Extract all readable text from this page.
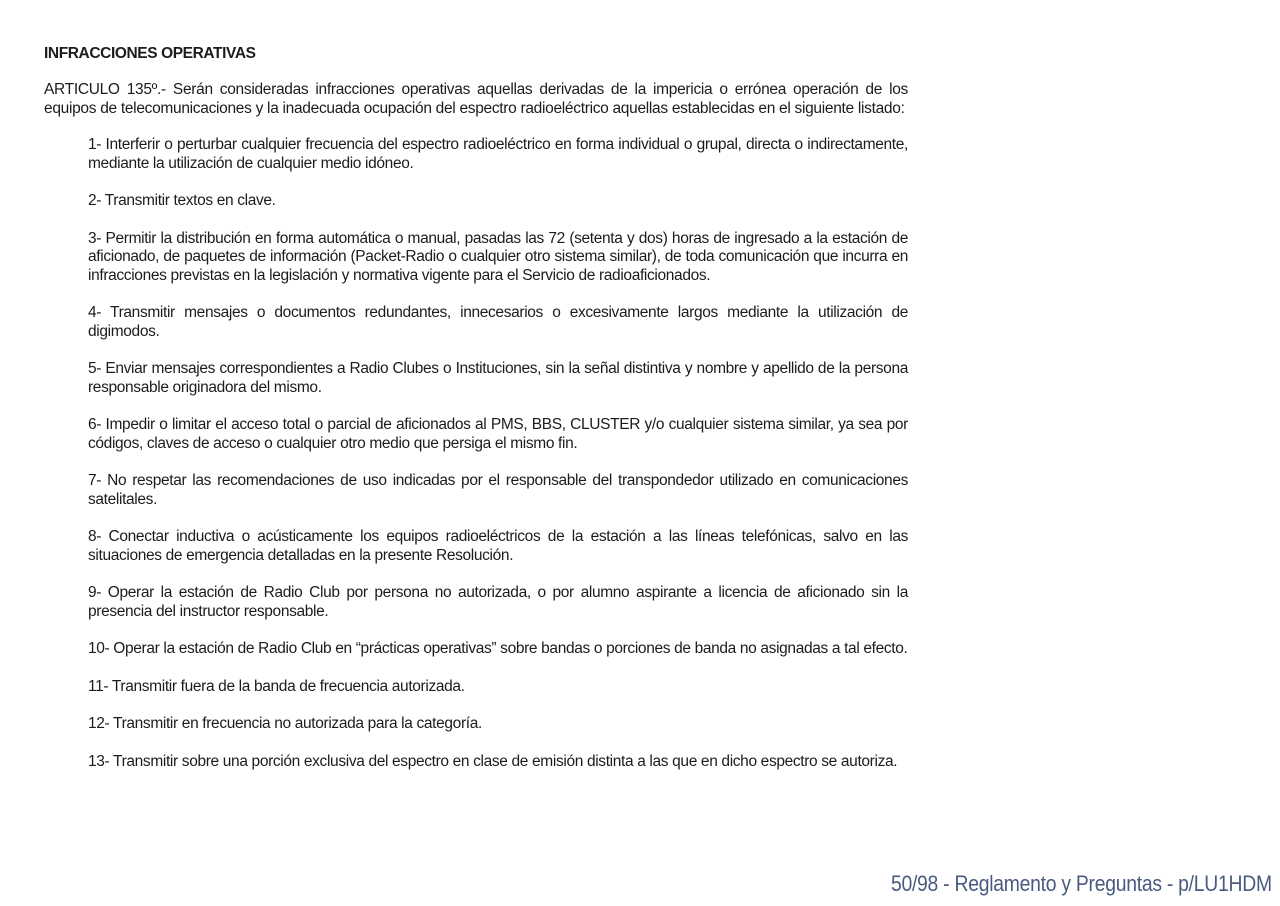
INFRACCIONES OPERATIVAS

ARTICULO 135º.- Serán consideradas infracciones operativas aquellas derivadas de la impericia o errónea operación de los equipos de telecomunicaciones y la inadecuada ocupación del espectro radioeléctrico aquellas establecidas en el siguiente listado:

1- Interferir o perturbar cualquier frecuencia del espectro radioeléctrico en forma individual o grupal, directa o indirectamente, mediante la utilización de cualquier medio idóneo.
2- Transmitir textos en clave.
3- Permitir la distribución en forma automática o manual, pasadas las 72 (setenta y dos) horas de ingresado a la estación de aficionado, de paquetes de información (Packet-Radio o cualquier otro sistema similar), de toda comunicación que incurra en infracciones previstas en la legislación y normativa vigente para el Servicio de radioaficionados.
4- Transmitir mensajes o documentos redundantes, innecesarios o excesivamente largos mediante la utilización de digimodos.
5- Enviar mensajes correspondientes a Radio Clubes o Instituciones, sin la señal distintiva y nombre y apellido de la persona responsable originadora del mismo.
6- Impedir o limitar el acceso total o parcial de aficionados al PMS, BBS, CLUSTER y/o cualquier sistema similar, ya sea por códigos, claves de acceso o cualquier otro medio que persiga el mismo fin.
7- No respetar las recomendaciones de uso indicadas por el responsable del transpondedor utilizado en comunicaciones satelitales.
8- Conectar inductiva o acústicamente los equipos radioeléctricos de la estación a las líneas telefónicas, salvo en las situaciones de emergencia detalladas en la presente Resolución.
9- Operar la estación de Radio Club por persona no autorizada, o por alumno aspirante a licencia de aficionado sin la presencia del instructor responsable.
10- Operar la estación de Radio Club en “prácticas operativas” sobre bandas o porciones de banda no asignadas a tal efecto.
11- Transmitir fuera de la banda de frecuencia autorizada.
12- Transmitir en frecuencia no autorizada para la categoría.
13- Transmitir sobre una porción exclusiva del espectro en clase de emisión distinta a las que en dicho espectro se autoriza.
50/98 - Reglamento y Preguntas - p/LU1HDM
